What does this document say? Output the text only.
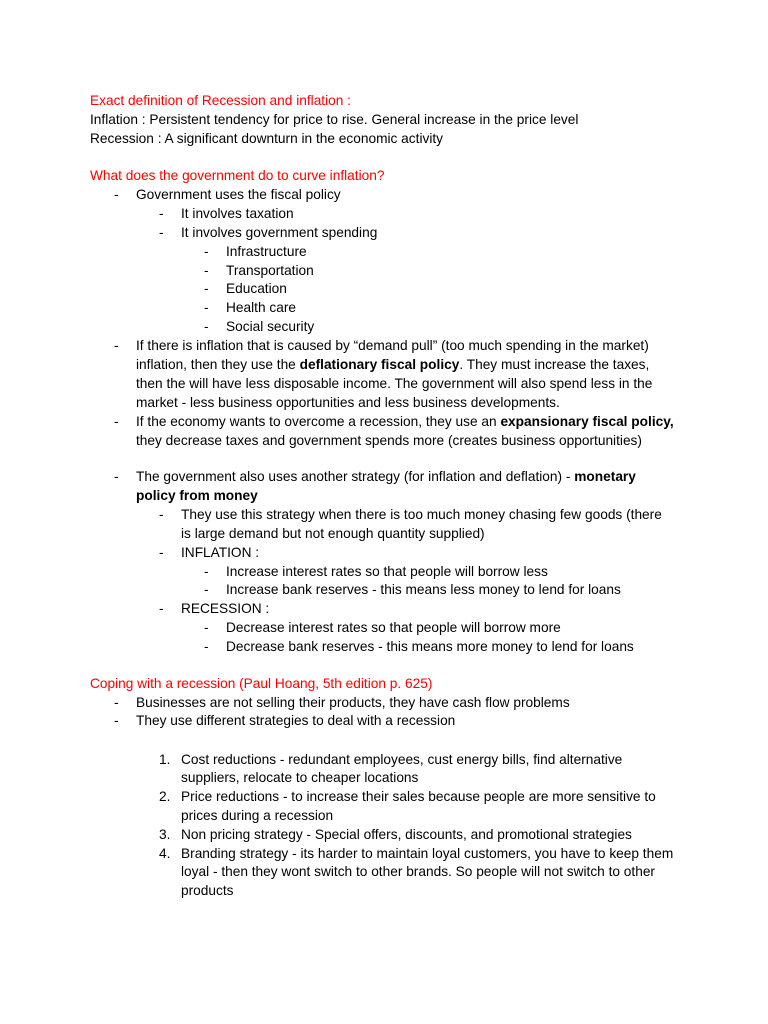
Exact definition of Recession and inflation :
Inflation : Persistent tendency for price to rise. General increase in the price level
Recession : A significant downturn in the economic activity
What does the government do to curve inflation?
- Government uses the fiscal policy
- It involves taxation
- It involves government spending
- Infrastructure
- Transportation
- Education
- Health care
- Social security
- If there is inflation that is caused by “demand pull” (too much spending in the market)
inflation, then they use the deflationary fiscal policy. They must increase the taxes,
then the will have less disposable income. The government will also spend less in the
market - less business opportunities and less business developments.
- If the economy wants to overcome a recession, they use an expansionary fiscal policy,
they decrease taxes and government spends more (creates business opportunities)
- The government also uses another strategy (for inflation and deflation) - monetary
policy from money
- They use this strategy when there is too much money chasing few goods (there
is large demand but not enough quantity supplied)
- INFLATION :
- Increase interest rates so that people will borrow less
- Increase bank reserves - this means less money to lend for loans
- RECESSION :
- Decrease interest rates so that people will borrow more
- Decrease bank reserves - this means more money to lend for loans
Coping with a recession (Paul Hoang, 5th edition p. 625)
- Businesses are not selling their products, they have cash flow problems
- They use different strategies to deal with a recession
1. Cost reductions - redundant employees, cust energy bills, find alternative
suppliers, relocate to cheaper locations
2. Price reductions - to increase their sales because people are more sensitive to
prices during a recession
3. Non pricing strategy - Special offers, discounts, and promotional strategies
4. Branding strategy - its harder to maintain loyal customers, you have to keep them
loyal - then they wont switch to other brands. So people will not switch to other
products
